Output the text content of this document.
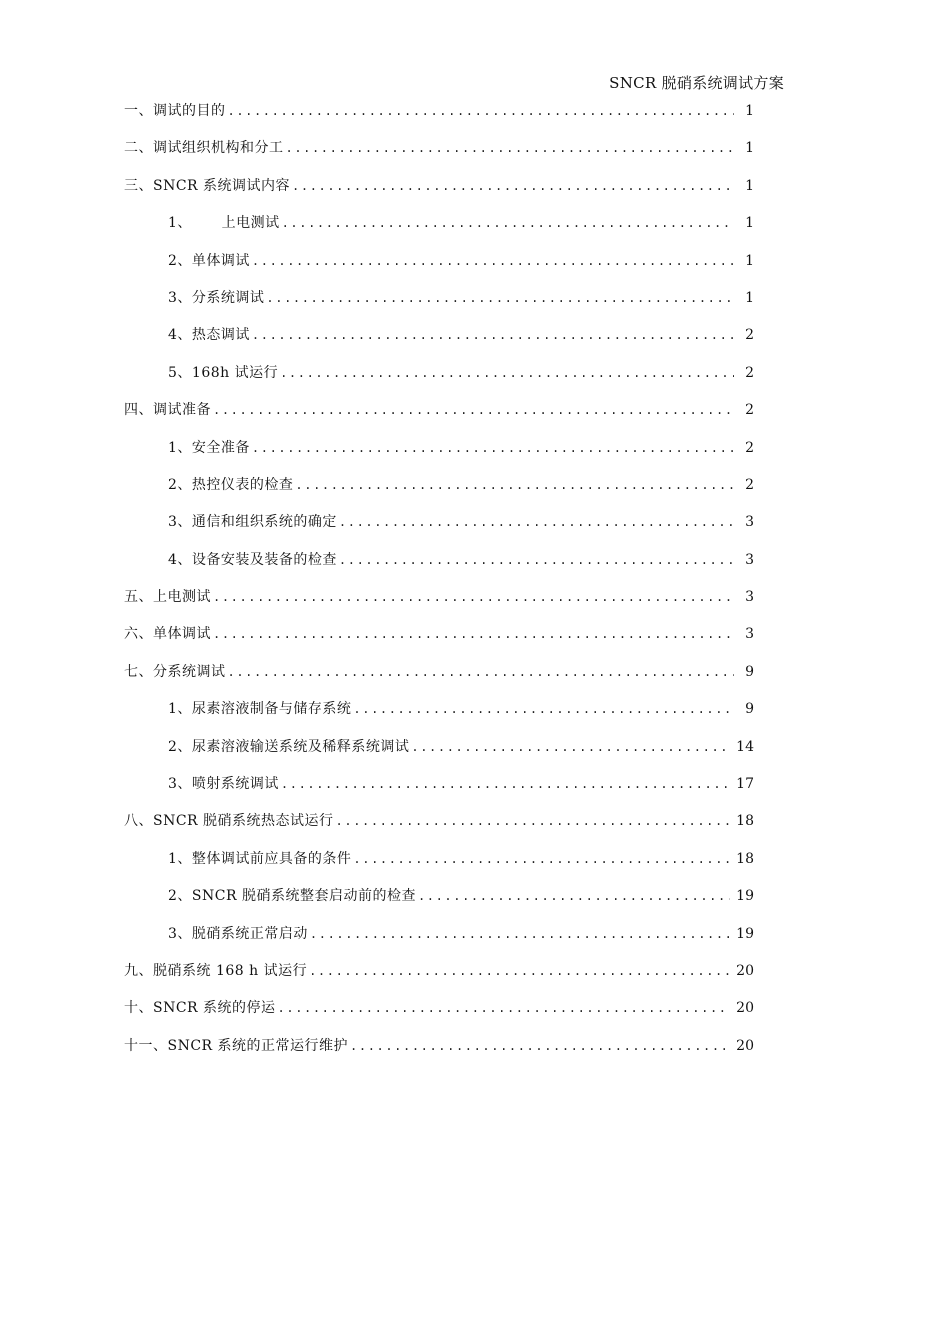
SNCR 脱硝系统调试方案
一、调试的目的 .....	1
二、调试组织机构和分工 .....	1
三、SNCR 系统调试内容 .....	1
1、      上电测试 .....	1
2、单体调试 .....	1
3、分系统调试 .....	1
4、热态调试 .....	2
5、168h 试运行 .....	2
四、调试准备 .....	2
1、安全准备 .....	2
2、热控仪表的检查 .....	2
3、通信和组织系统的确定 .....	3
4、设备安装及装备的检查 .....	3
五、上电测试 .....	3
六、单体调试 .....	3
七、分系统调试 .....	9
1、尿素溶液制备与储存系统 .....	9
2、尿素溶液输送系统及稀释系统调试 .....	14
3、喷射系统调试 .....	17
八、SNCR 脱硝系统热态试运行 .....	18
1、整体调试前应具备的条件 .....	18
2、SNCR 脱硝系统整套启动前的检查 .....	19
3、脱硝系统正常启动 .....	19
九、脱硝系统 168 h 试运行 .....	20
十、SNCR 系统的停运 .....	20
十一、SNCR 系统的正常运行维护 .....	20
